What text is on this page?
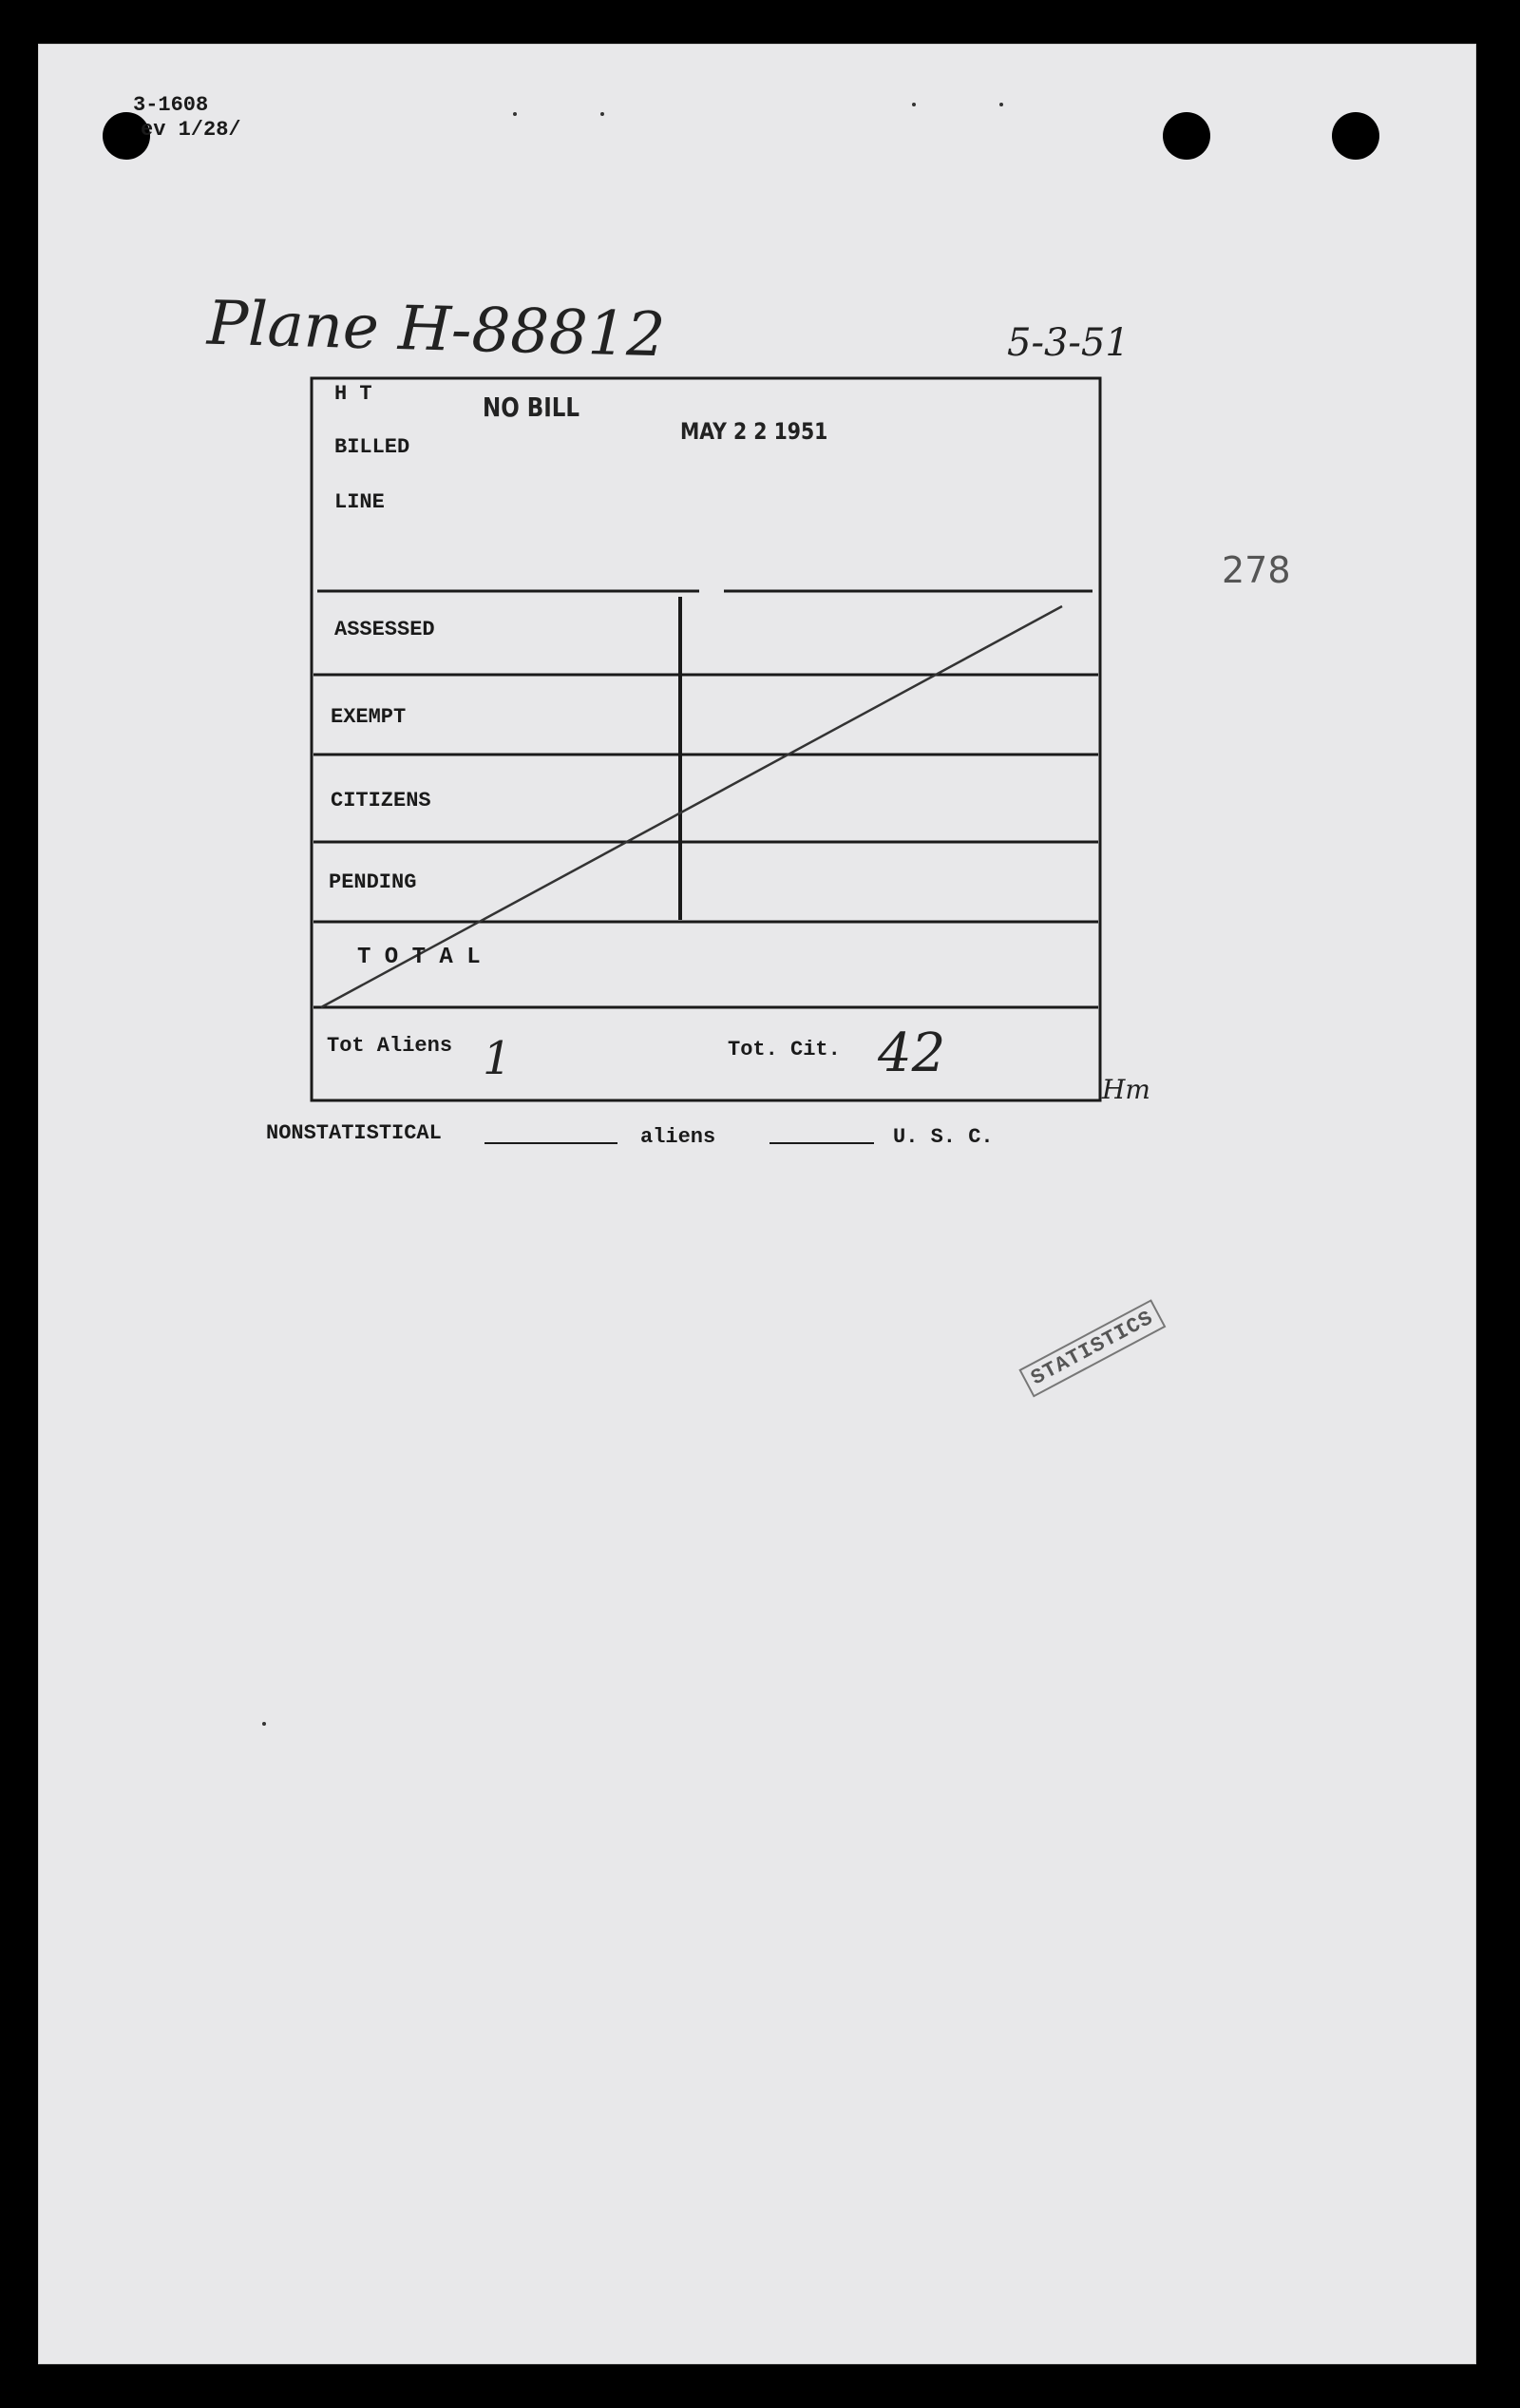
3-1608
ev 1/28/
Plane H-88812	5-3-51
278
H T
BILLED
LINE
ASSESSED
EXEMPT
CITIZENS
PENDING
T O T A L
NO BILL
MAY 2 2 1951
Tot Aliens 1	Tot. Cit. 42
Hm
NONSTATISTICAL	aliens	U. S. C.
STATISTICS
